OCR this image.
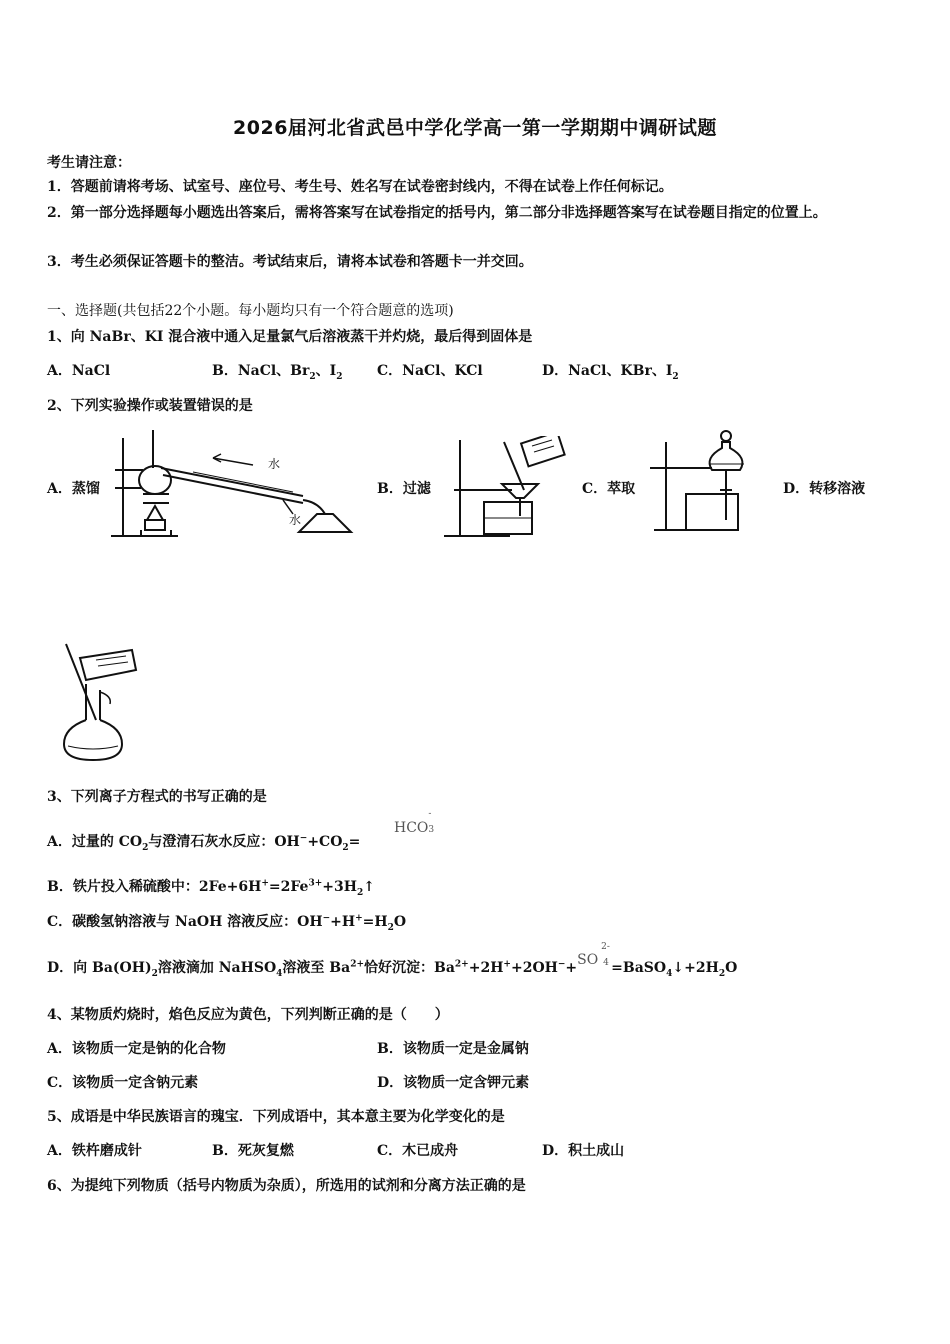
2026届河北省武邑中学化学高一第一学期期中调研试题
考生请注意：
1．答题前请将考场、试室号、座位号、考生号、姓名写在试卷密封线内，不得在试卷上作任何标记。
2．第一部分选择题每小题选出答案后，需将答案写在试卷指定的括号内，第二部分非选择题答案写在试卷题目指定的位置上。
3．考生必须保证答题卡的整洁。考试结束后，请将本试卷和答题卡一并交回。
一、选择题(共包括22个小题。每小题均只有一个符合题意的选项)
1、向 NaBr、KI 混合液中通入足量氯气后溶液蒸干并灼烧，最后得到固体是
A．NaCl	B．NaCl、$Br_2$、$I_2$ C．NaCl、KCl	D．NaCl、KBr、$I_2$
2、下列实验操作或装置错误的是
A．蒸馏	B．过滤	C．萃取	D．转移溶液
水
水
3、下列离子方程式的书写正确的是
A．过量的 $CO_2$与澄清石灰水反应：$OH^-+CO_2=$
HCO
-
3
B．铁片投入稀硫酸中：$2Fe+6H^+=2Fe^{3+}+3H_2↑$
C．碳酸氢钠溶液与 NaOH 溶液反应：$OH^-+H^+=H_2O$
D．向 $Ba(OH)_2$溶液滴加 NaHSO$_4$溶液至 $Ba^{2+}$恰好沉淀：$Ba^{2+}+2H^++2OH^-+SO$
2-
$4 =BaSO_4↓+2H_2O$
4、某物质灼烧时，焰色反应为黄色，下列判断正确的是（　　）
A．该物质一定是钠的化合物	B．该物质一定是金属钠
C．该物质一定含钠元素	D．该物质一定含钾元素
5、成语是中华民族语言的瑰宝．下列成语中，其本意主要为化学变化的是
A．铁杵磨成针	B．死灰复燃	C．木已成舟	D．积土成山
6、为提纯下列物质（括号内物质为杂质），所选用的试剂和分离方法正确的是
